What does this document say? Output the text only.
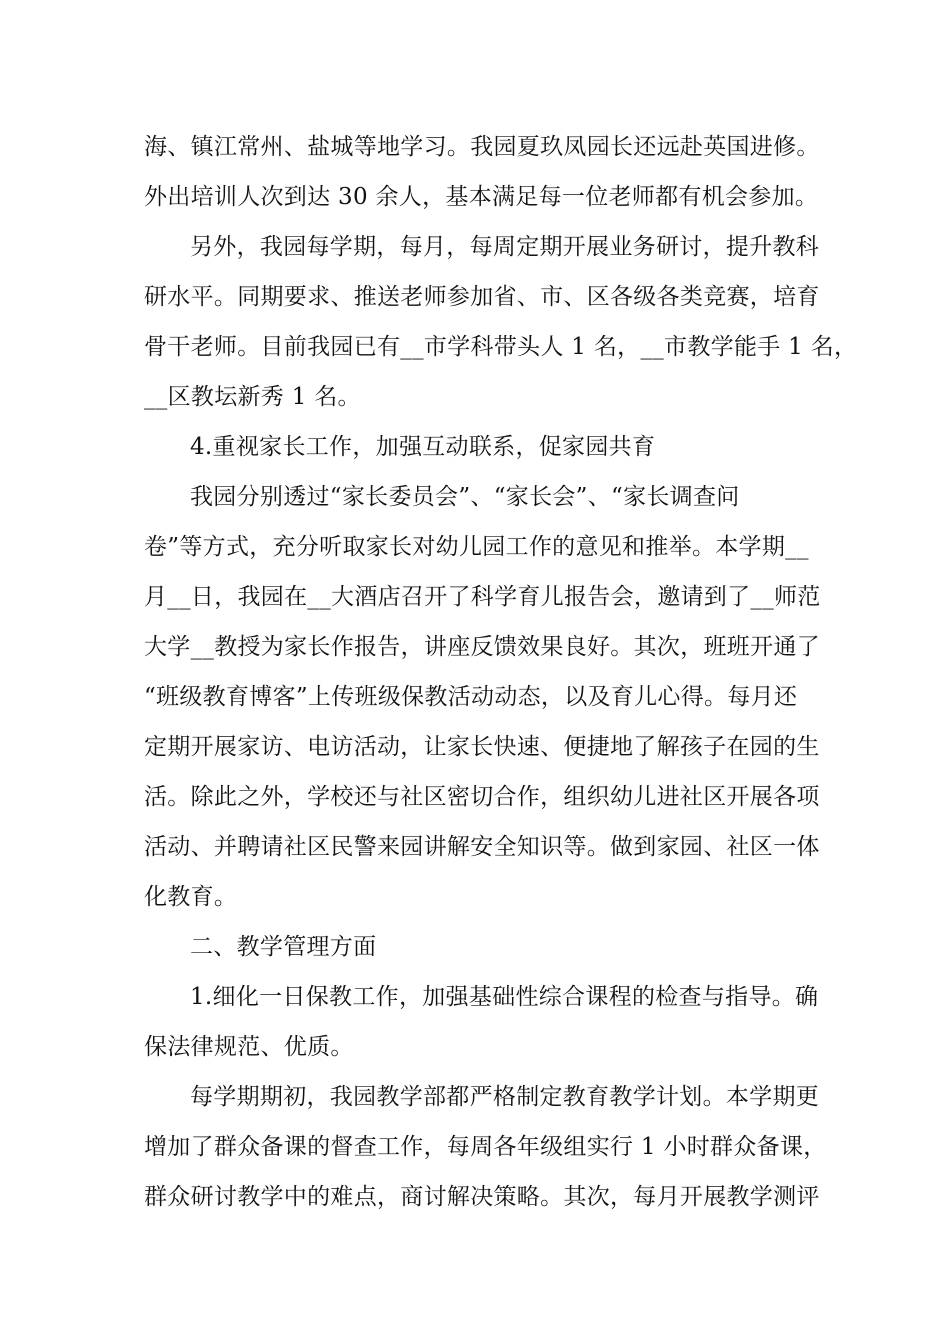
海、镇江常州、盐城等地学习。我园夏玖凤园长还远赴英国进修。
外出培训人次到达 30 余人，基本满足每一位老师都有机会参加。
另外，我园每学期，每月，每周定期开展业务研讨，提升教科
研水平。同期要求、推送老师参加省、市、区各级各类竞赛，培育
骨干老师。目前我园已有__市学科带头人 1 名，__市教学能手 1 名，
__区教坛新秀 1 名。
4.重视家长工作，加强互动联系，促家园共育
我园分别透过“家长委员会”、“家长会”、“家长调查问
卷”等方式，充分听取家长对幼儿园工作的意见和推举。本学期__
月__日，我园在__大酒店召开了科学育儿报告会，邀请到了__师范
大学__教授为家长作报告，讲座反馈效果良好。其次，班班开通了
“班级教育博客”上传班级保教活动动态，以及育儿心得。每月还
定期开展家访、电访活动，让家长快速、便捷地了解孩子在园的生
活。除此之外，学校还与社区密切合作，组织幼儿进社区开展各项
活动、并聘请社区民警来园讲解安全知识等。做到家园、社区一体
化教育。
二、教学管理方面
1.细化一日保教工作，加强基础性综合课程的检查与指导。确
保法律规范、优质。
每学期期初，我园教学部都严格制定教育教学计划。本学期更
增加了群众备课的督查工作，每周各年级组实行 1 小时群众备课，
群众研讨教学中的难点，商讨解决策略。其次，每月开展教学测评
